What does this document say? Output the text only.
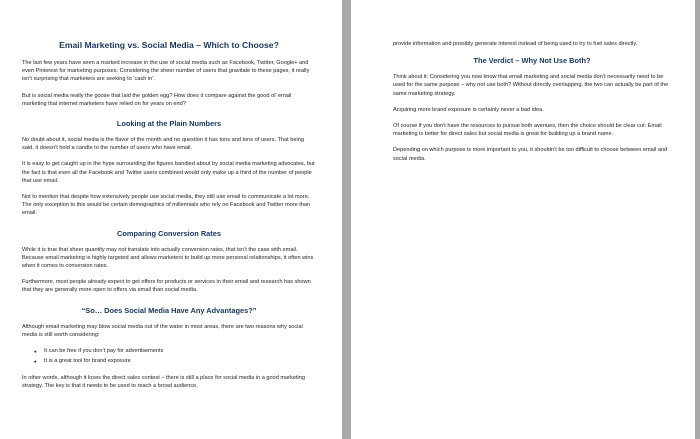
Email Marketing vs. Social Media – Which to Choose?

The last few years have seen a marked increase in the use of social media such as Facebook, Twitter, Google+ and even Pinterest for marketing purposes. Considering the sheer number of users that gravitate to these pages, it really isn’t surprising that marketers are seeking to ‘cash in’.

But is social media really the goose that laid the golden egg? How does it compare against the good ol’ email marketing that internet marketers have relied on for years on end?

Looking at the Plain Numbers

No doubt about it, social media is the flavor of the month and no question it has tons and tons of users. That being said, it doesn’t hold a candle to the number of users who have email.

It is easy to get caught up in the hype surrounding the figures bandied about by social media marketing advocates, but the fact is that even all the Facebook and Twitter users combined would only make up a third of the number of people that use email.

Not to mention that despite how extensively people use social media, they still use email to communicate a lot more. The only exception to this would be certain demographics of millennials who rely on Facebook and Twitter more than email.

Comparing Conversion Rates

While it is true that sheer quantity may not translate into actually conversion rates, that isn’t the case with email. Because email marketing is highly targeted and allows marketers to build up more personal relationships, it often wins when it comes to conversion rates.

Furthermore, most people already expect to get offers for products or services in their email and research has shown that they are generally more open to offers via email than social media.

“So… Does Social Media Have Any Advantages?”

Although email marketing may blow social media out of the water in most areas, there are two reasons why social media is still worth considering:

● It can be free if you don’t pay for advertisements
● It is a great tool for brand exposure

In other words, although it loses the direct sales contest – there is still a place for social media in a good marketing strategy. The key is that it needs to be used to reach a broad audience,

provide information and possibly generate interest instead of being used to try to fuel sales directly.

The Verdict – Why Not Use Both?

Think about it: Considering you now know that email marketing and social media don’t necessarily need to be used for the same purpose – why not use both? Without directly overlapping, the two can actually be part of the same marketing strategy.

Acquiring more brand exposure is certainly never a bad idea.

Of course if you don’t have the resources to pursue both avenues, then the choice should be clear cut: Email marketing is better for direct sales but social media is great for building up a brand name.

Depending on which purpose is more important to you, it shouldn’t be too difficult to choose between email and social media.
